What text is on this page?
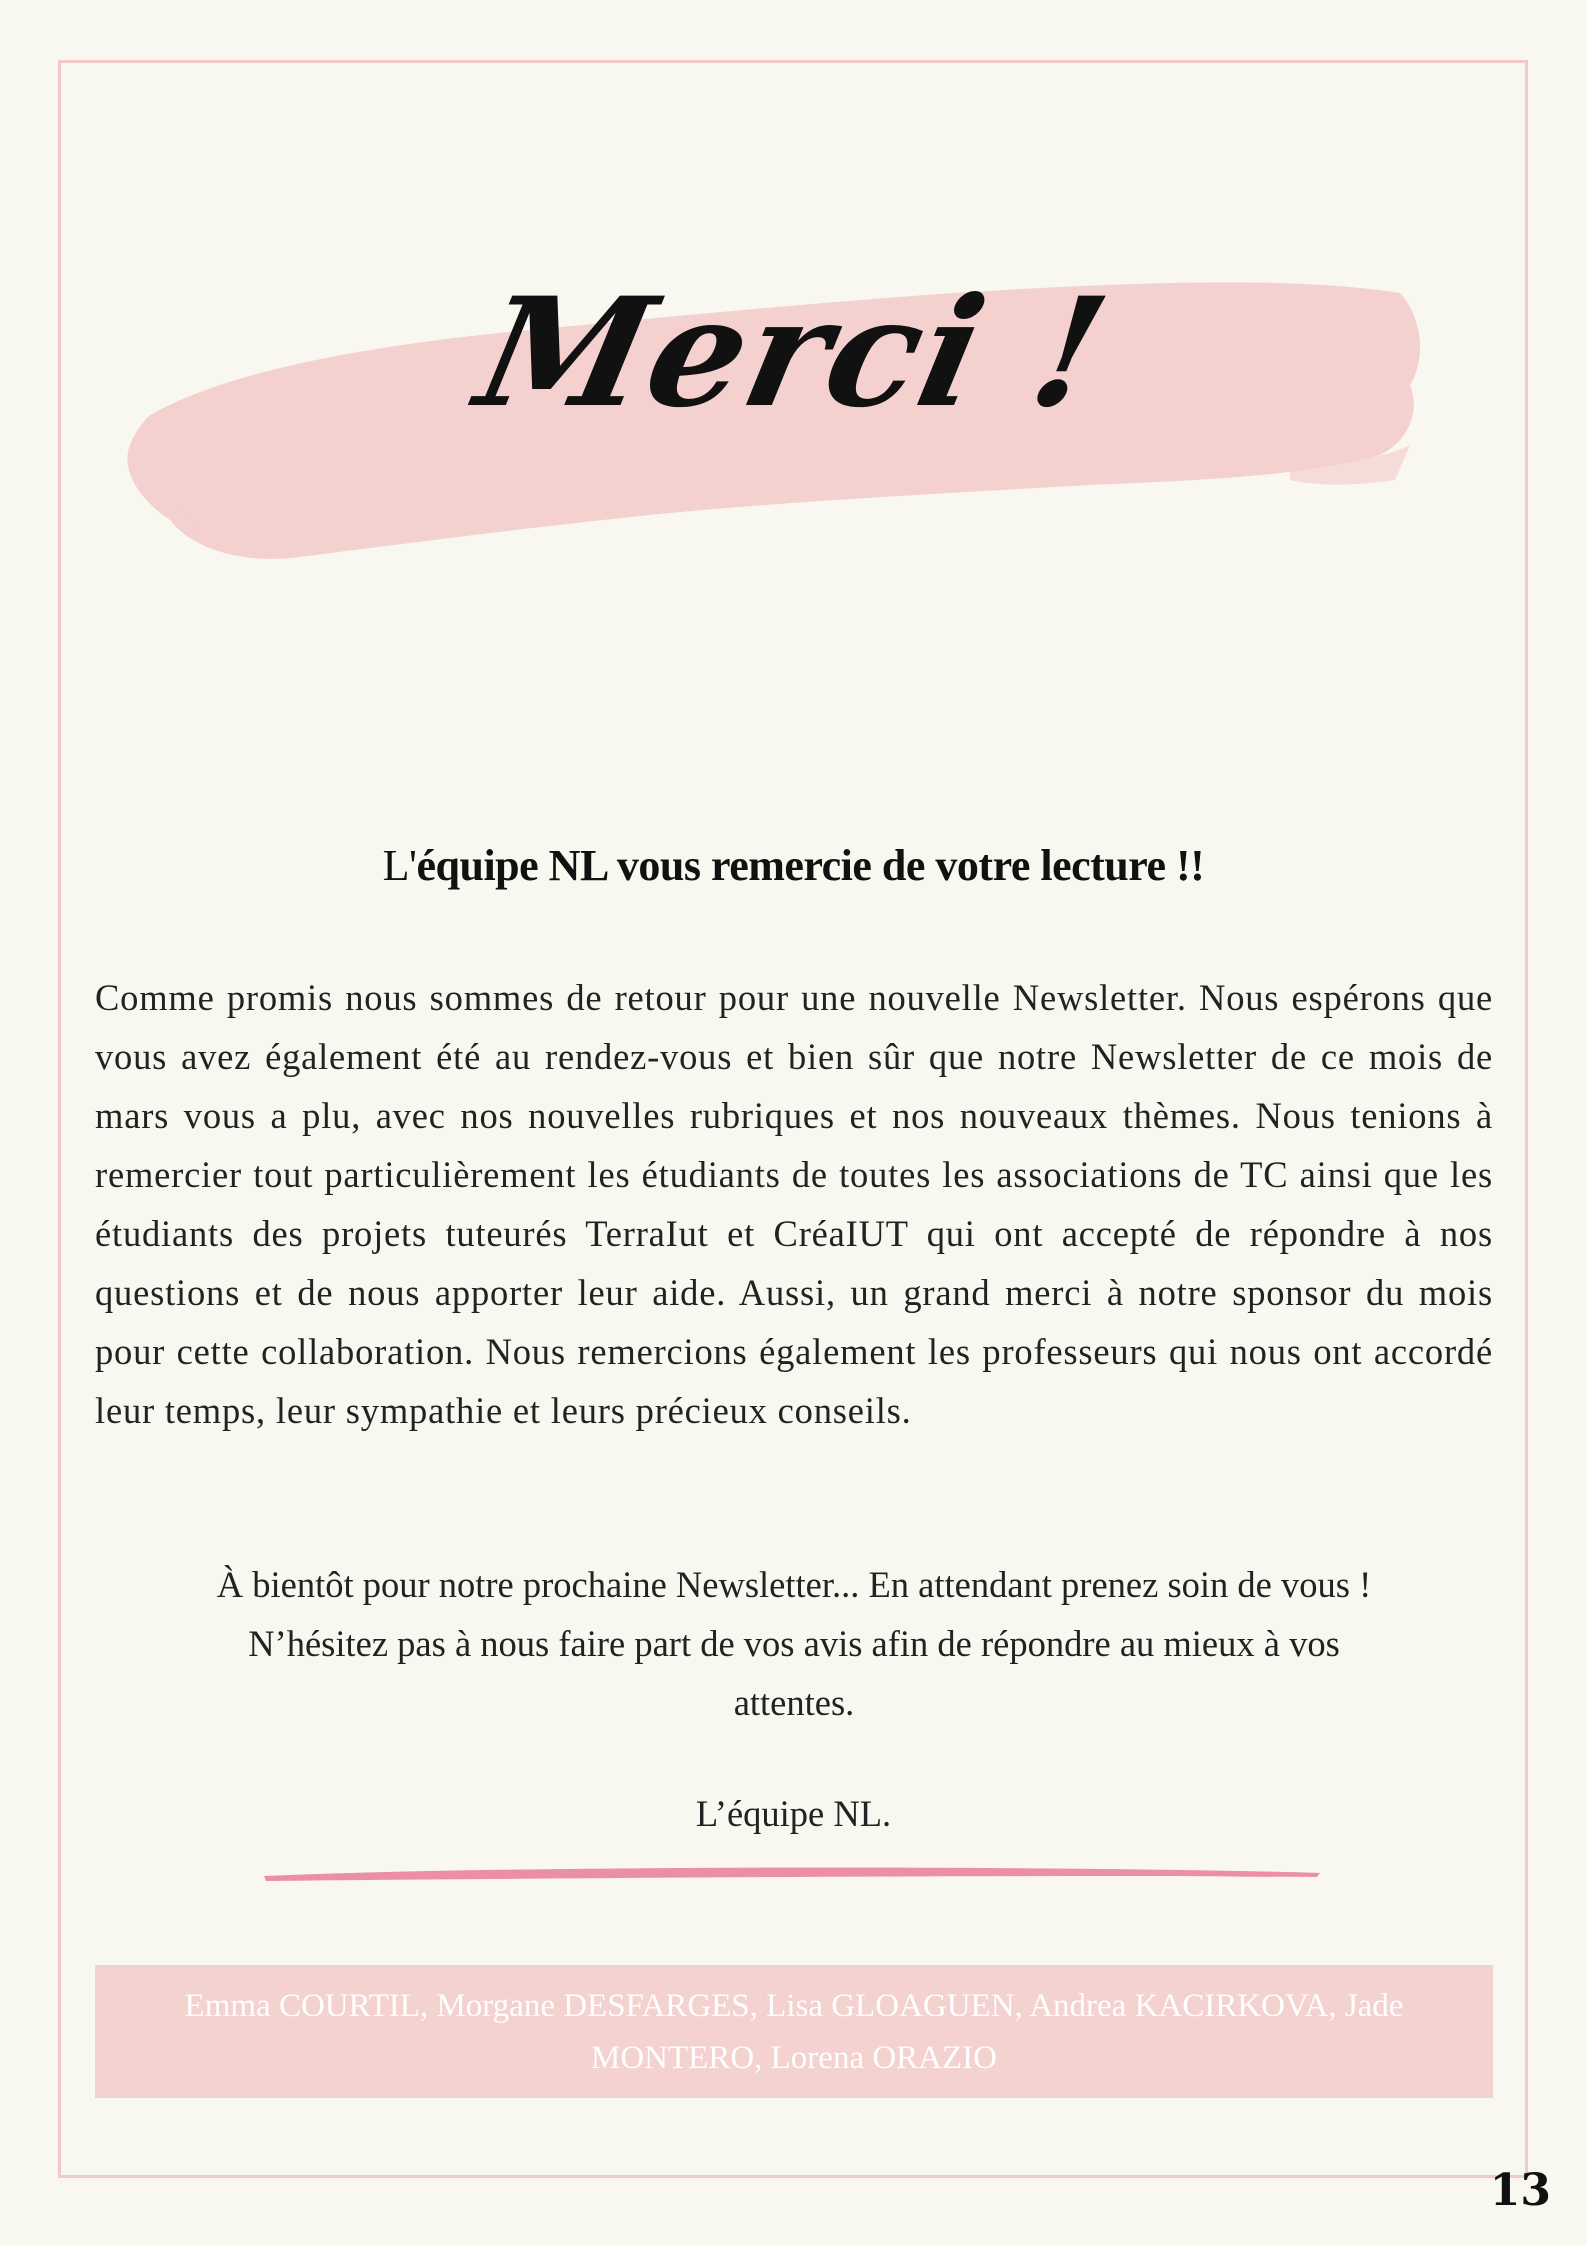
Merci !
L'équipe NL vous remercie de votre lecture !!
Comme promis nous sommes de retour pour une nouvelle Newsletter. Nous espérons que vous avez également été au rendez-vous et bien sûr que notre Newsletter de ce mois de mars vous a plu, avec nos nouvelles rubriques et nos nouveaux thèmes. Nous tenions à remercier tout particulièrement les étudiants de toutes les associations de TC ainsi que les étudiants des projets tuteurés TerraIut et CréaIUT qui ont accepté de répondre à nos questions et de nous apporter leur aide. Aussi, un grand merci à notre sponsor du mois pour cette collaboration. Nous remercions également les professeurs qui nous ont accordé leur temps, leur sympathie et leurs précieux conseils.
À bientôt pour notre prochaine Newsletter... En attendant prenez soin de vous !
N’hésitez pas à nous faire part de vos avis afin de répondre au mieux à vos
attentes.
L’équipe NL.
Emma COURTIL, Morgane DESFARGES, Lisa GLOAGUEN, Andrea KACIRKOVA, Jade MONTERO, Lorena ORAZIO
13
